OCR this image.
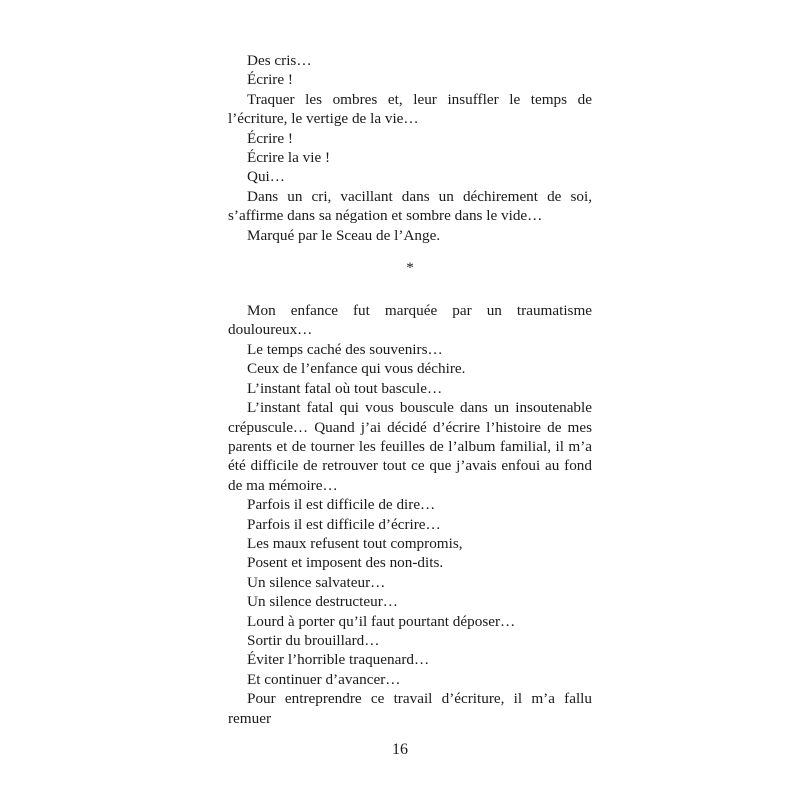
Des cris…

Écrire !

Traquer les ombres et, leur insuffler le temps de l’écriture, le vertige de la vie…

Écrire !

Écrire la vie !

Qui…

Dans un cri, vacillant dans un déchirement de soi, s’affirme dans sa négation et sombre dans le vide…

Marqué par le Sceau de l’Ange.

*

Mon enfance fut marquée par un traumatisme douloureux…

Le temps caché des souvenirs…

Ceux de l’enfance qui vous déchire.

L’instant fatal où tout bascule…

L’instant fatal qui vous bouscule dans un insoutenable crépuscule… Quand j’ai décidé d’écrire l’histoire de mes parents et de tourner les feuilles de l’album familial, il m’a été difficile de retrouver tout ce que j’avais enfoui au fond de ma mémoire…

Parfois il est difficile de dire…

Parfois il est difficile d’écrire…

Les maux refusent tout compromis,

Posent et imposent des non-dits.

Un silence salvateur…

Un silence destructeur…

Lourd à porter qu’il faut pourtant déposer…

Sortir du brouillard…

Éviter l’horrible traquenard…

Et continuer d’avancer…

Pour entreprendre ce travail d’écriture, il m’a fallu remuer

16
